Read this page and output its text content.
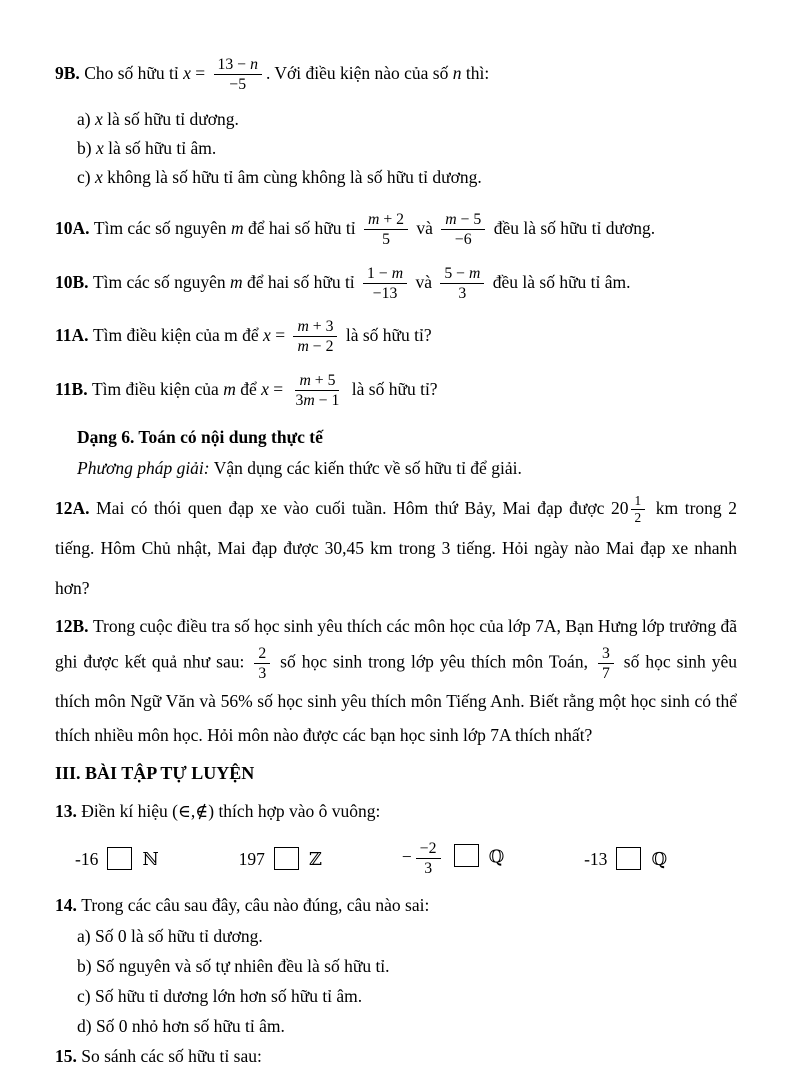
9B. Cho số hữu tỉ $x = \frac{13 - n}{-5}$ . Với điều kiện nào của số n thì:

a) x là số hữu tỉ dương.

b) x là số hữu tỉ âm.

c) x không là số hữu tỉ âm cùng không là số hữu tỉ dương.

10A. Tìm các số nguyên m để hai số hữu tỉ $\frac{m + 2}{5}$ và $\frac{m - 5}{-6}$ đều là số hữu tỉ dương.

10B. Tìm các số nguyên m để hai số hữu tỉ $\frac{1 - m}{-13}$ và $\frac{5 - m}{3}$ đều là số hữu tỉ âm.

11A. Tìm điều kiện của m để $x = \frac{m + 3}{m - 2}$ là số hữu tỉ?

11B. Tìm điều kiện của m để $x = \frac{m + 5}{3m - 1}$ là số hữu tỉ?

Dạng 6. Toán có nội dung thực tế

Phương pháp giải: Vận dụng các kiến thức về số hữu tỉ để giải.

12A. Mai có thói quen đạp xe vào cuối tuần. Hôm thứ Bảy, Mai đạp được $20 \frac{1}{2}$ km trong 2 tiếng. Hôm Chủ nhật, Mai đạp được 30,45 km trong 3 tiếng. Hỏi ngày nào Mai đạp xe nhanh hơn?

12B. Trong cuộc điều tra số học sinh yêu thích các môn học của lớp 7A, Bạn Hưng lớp trưởng đã ghi được kết quả như sau: $\frac{2}{3}$ số học sinh trong lớp yêu thích môn Toán, $\frac{3}{7}$ số học sinh yêu thích môn Ngữ Văn và 56% số học sinh yêu thích môn Tiếng Anh. Biết rằng một học sinh có thể thích nhiều môn học. Hỏi môn nào được các bạn học sinh lớp 7A thích nhất?

III. BÀI TẬP TỰ LUYỆN

13. Điền kí hiệu (∈,∉) thích hợp vào ô vuông:

-16 ℕ	197 ℤ	− $\frac{-2}{3}$	ℚ	-13 ℚ

14. Trong các câu sau đây, câu nào đúng, câu nào sai:

a) Số 0 là số hữu tỉ dương.

b) Số nguyên và số tự nhiên đều là số hữu tỉ.

c) Số hữu tỉ dương lớn hơn số hữu tỉ âm.

d) Số 0 nhỏ hơn số hữu tỉ âm.

15. So sánh các số hữu tỉ sau:
